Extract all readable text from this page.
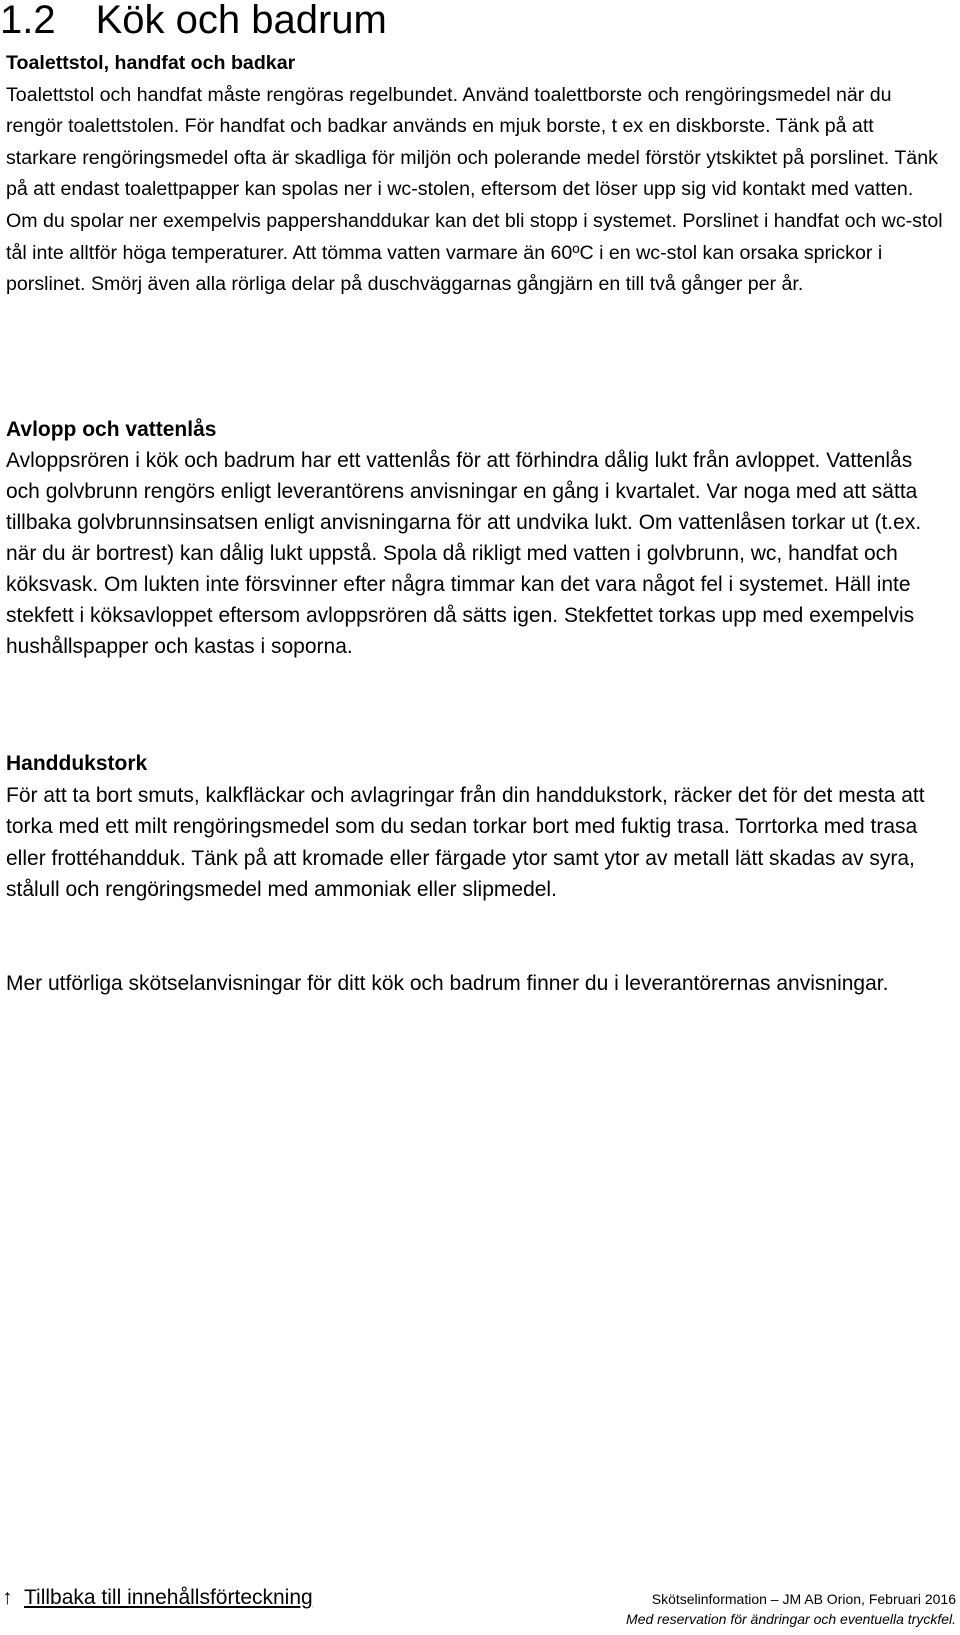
1.2 Kök och badrum
Toalettstol, handfat och badkar

Toalettstol och handfat måste rengöras regelbundet. Använd toalettborste och rengöringsmedel när du rengör toalettstolen. För handfat och badkar används en mjuk borste, t ex en diskborste. Tänk på att starkare rengöringsmedel ofta är skadliga för miljön och polerande medel förstör ytskiktet på porslinet. Tänk på att endast toalettpapper kan spolas ner i wc-stolen, eftersom det löser upp sig vid kontakt med vatten. Om du spolar ner exempelvis pappershanddukar kan det bli stopp i systemet. Porslinet i handfat och wc-stol tål inte alltför höga temperaturer. Att tömma vatten varmare än 60ºC i en wc-stol kan orsaka sprickor i porslinet. Smörj även alla rörliga delar på duschväggarnas gångjärn en till två gånger per år.

Avlopp och vattenlås

Avloppsrören i kök och badrum har ett vattenlås för att förhindra dålig lukt från avloppet. Vattenlås och golvbrunn rengörs enligt leverantörens anvisningar en gång i kvartalet. Var noga med att sätta tillbaka golvbrunnsinsatsen enligt anvisningarna för att undvika lukt. Om vattenlåsen torkar ut (t.ex. när du är bortrest) kan dålig lukt uppstå. Spola då rikligt med vatten i golvbrunn, wc, handfat och köksvask. Om lukten inte försvinner efter några timmar kan det vara något fel i systemet. Häll inte stekfett i köksavloppet eftersom avloppsrören då sätts igen. Stekfettet torkas upp med exempelvis hushållspapper och kastas i soporna.

Handdukstork

För att ta bort smuts, kalkfläckar och avlagringar från din handdukstork, räcker det för det mesta att torka med ett milt rengöringsmedel som du sedan torkar bort med fuktig trasa. Torrtorka med trasa eller frottéhandduk. Tänk på att kromade eller färgade ytor samt ytor av metall lätt skadas av syra, stålull och rengöringsmedel med ammoniak eller slipmedel.

Mer utförliga skötselanvisningar för ditt kök och badrum finner du i leverantörernas anvisningar.

↑ Tillbaka till innehållsförteckning	Skötselinformation – JM AB Orion, Februari 2016
Med reservation för ändringar och eventuella tryckfel.
